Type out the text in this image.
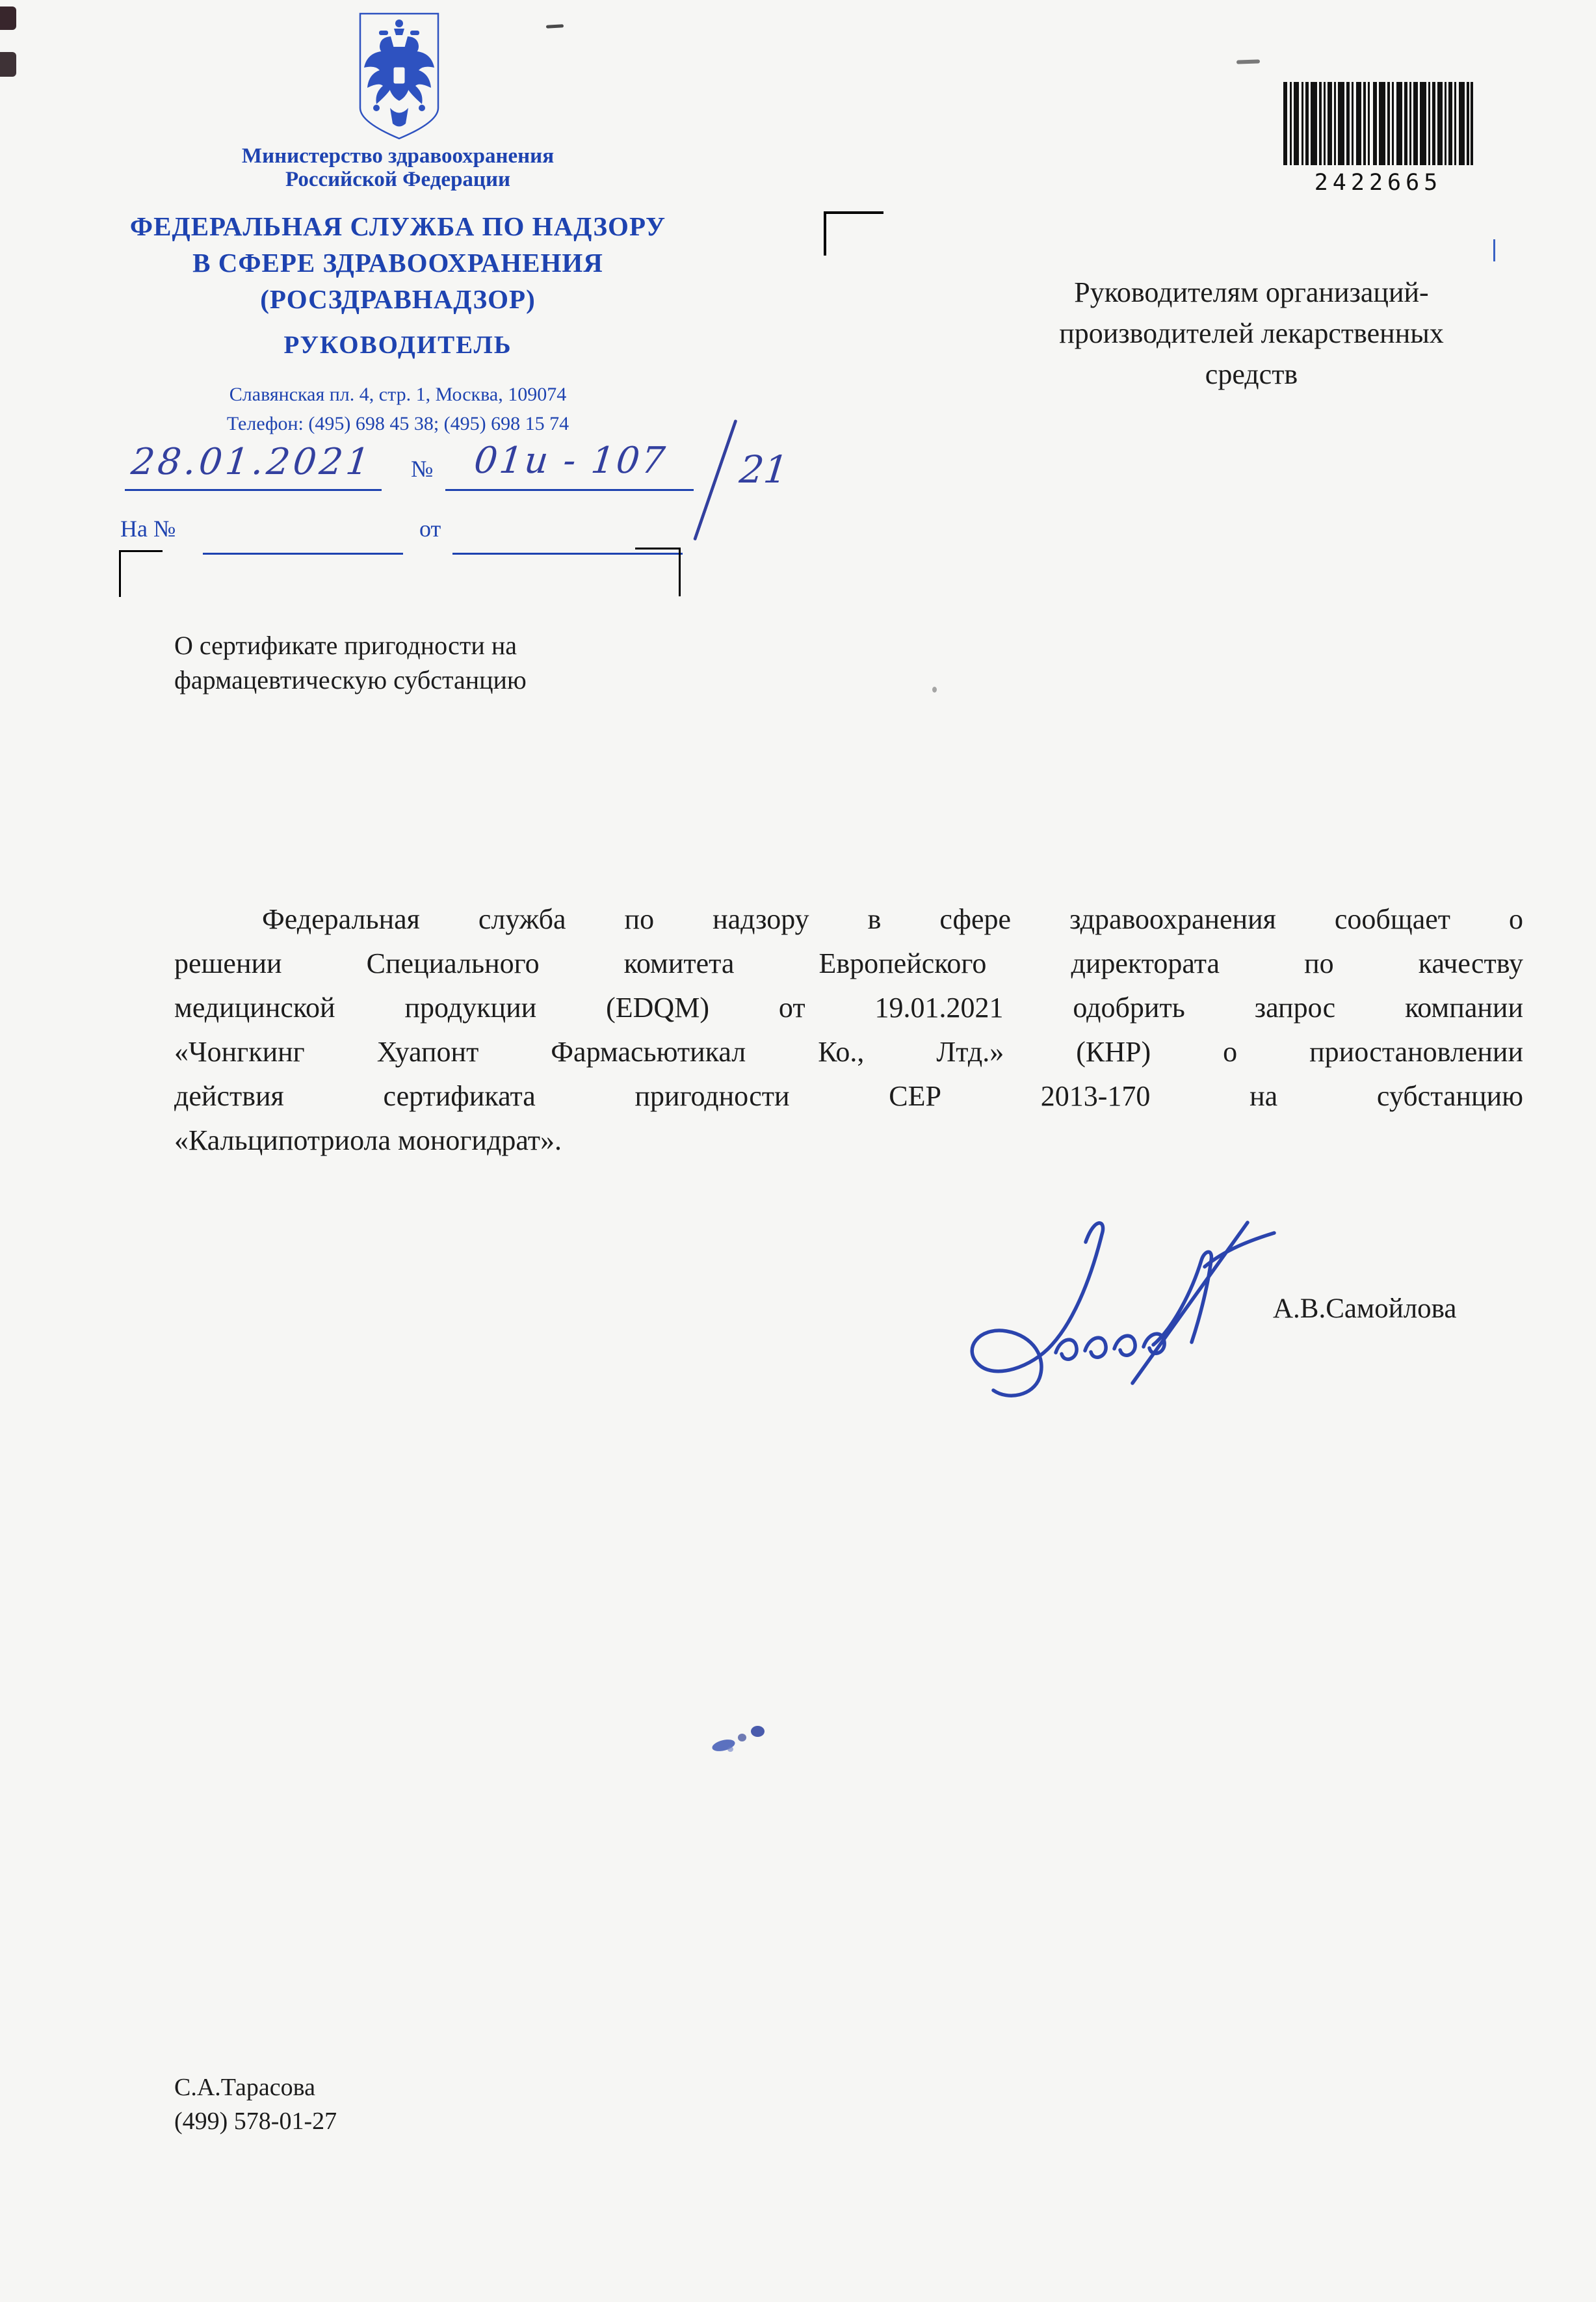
Министерство здравоохранения
Российской Федерации
ФЕДЕРАЛЬНАЯ СЛУЖБА ПО НАДЗОРУ
В СФЕРЕ ЗДРАВООХРАНЕНИЯ
(РОСЗДРАВНАДЗОР)
РУКОВОДИТЕЛЬ
Славянская пл. 4, стр. 1, Москва, 109074
Телефон: (495) 698 45 38; (495) 698 15 74
28.01.2021	№	01и - 107	21
На №	от
2422665
Руководителям организаций-
производителей лекарственных
средств
О сертификате пригодности на
фармацевтическую субстанцию
Федеральная служба по надзору в сфере здравоохранения сообщает о
решении Специального комитета Европейского директората по качеству
медицинской продукции (EDQM) от 19.01.2021 одобрить запрос компании
«Чонгкинг Хуапонт Фармасьютикал Ко., Лтд.» (КНР) о приостановлении
действия сертификата пригодности СЕР 2013-170 на субстанцию
«Кальципотриола моногидрат».
А.В.Самойлова
С.А.Тарасова
(499) 578-01-27
